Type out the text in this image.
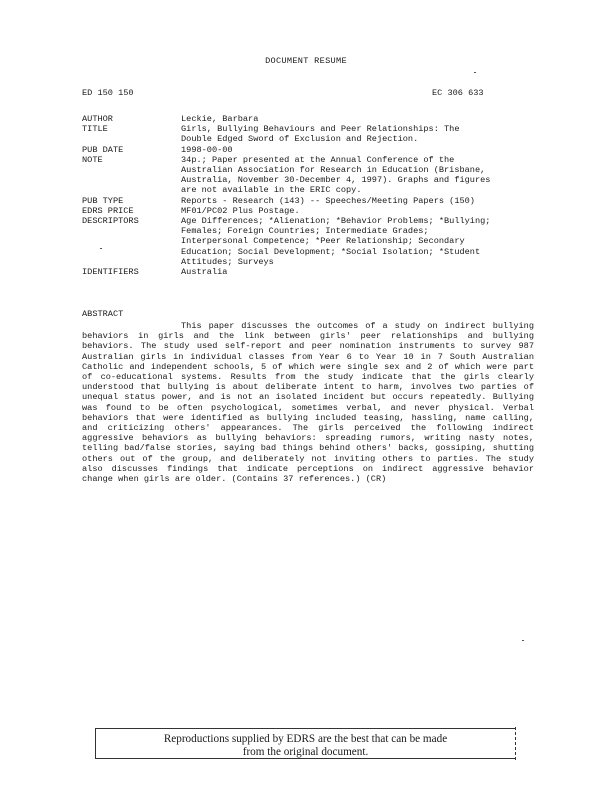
DOCUMENT RESUME
ED 150 150	EC 306 633
AUTHOR	Leckie, Barbara
TITLE	Girls, Bullying Behaviours and Peer Relationships: The
Double Edged Sword of Exclusion and Rejection.
PUB DATE	1998-00-00
NOTE	34p.; Paper presented at the Annual Conference of the
Australian Association for Research in Education (Brisbane,
Australia, November 30-December 4, 1997). Graphs and figures
are not available in the ERIC copy.
PUB TYPE	Reports - Research (143) -- Speeches/Meeting Papers (150)
EDRS PRICE	MF01/PC02 Plus Postage.
DESCRIPTORS	Age Differences; *Alienation; *Behavior Problems; *Bullying;
Females; Foreign Countries; Intermediate Grades;
Interpersonal Competence; *Peer Relationship; Secondary
Education; Social Development; *Social Isolation; *Student
Attitudes; Surveys
IDENTIFIERS	Australia
ABSTRACT

This paper discusses the outcomes of a study on indirect bullying behaviors in girls and the link between girls' peer relationships and bullying behaviors. The study used self-report and peer nomination instruments to survey 987 Australian girls in individual classes from Year 6 to Year 10 in 7 South Australian Catholic and independent schools, 5 of which were single sex and 2 of which were part of co-educational systems. Results from the study indicate that the girls clearly understood that bullying is about deliberate intent to harm, involves two parties of unequal status power, and is not an isolated incident but occurs repeatedly. Bullying was found to be often psychological, sometimes verbal, and never physical. Verbal behaviors that were identified as bullying included teasing, hassling, name calling, and criticizing others' appearances. The girls perceived the following indirect aggressive behaviors as bullying behaviors: spreading rumors, writing nasty notes, telling bad/false stories, saying bad things behind others' backs, gossiping, shutting others out of the group, and deliberately not inviting others to parties. The study also discusses findings that indicate perceptions on indirect aggressive behavior change when girls are older. (Contains 37 references.) (CR)

Reproductions supplied by EDRS are the best that can be made
from the original document.
